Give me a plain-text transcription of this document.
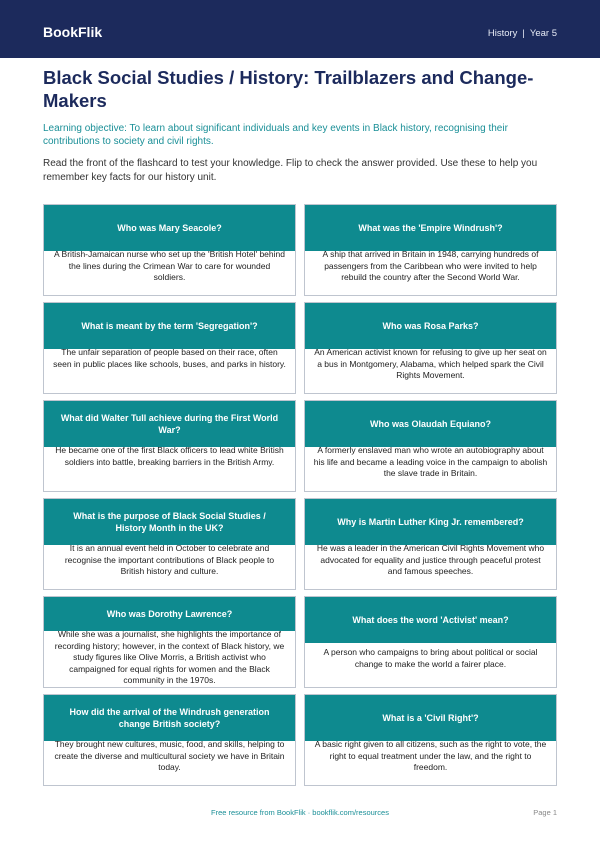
BookFlik	History | Year 5
Black Social Studies / History: Trailblazers and Change-Makers
Learning objective: To learn about significant individuals and key events in Black history, recognising their contributions to society and civil rights.
Read the front of the flashcard to test your knowledge. Flip to check the answer provided. Use these to help you remember key facts for our history unit.
Who was Mary Seacole?
A British-Jamaican nurse who set up the 'British Hotel' behind the lines during the Crimean War to care for wounded soldiers.
What was the 'Empire Windrush'?
A ship that arrived in Britain in 1948, carrying hundreds of passengers from the Caribbean who were invited to help rebuild the country after the Second World War.
What is meant by the term 'Segregation'?
The unfair separation of people based on their race, often seen in public places like schools, buses, and parks in history.
Who was Rosa Parks?
An American activist known for refusing to give up her seat on a bus in Montgomery, Alabama, which helped spark the Civil Rights Movement.
What did Walter Tull achieve during the First World War?
He became one of the first Black officers to lead white British soldiers into battle, breaking barriers in the British Army.
Who was Olaudah Equiano?
A formerly enslaved man who wrote an autobiography about his life and became a leading voice in the campaign to abolish the slave trade in Britain.
What is the purpose of Black Social Studies / History Month in the UK?
It is an annual event held in October to celebrate and recognise the important contributions of Black people to British history and culture.
Why is Martin Luther King Jr. remembered?
He was a leader in the American Civil Rights Movement who advocated for equality and justice through peaceful protest and famous speeches.
Who was Dorothy Lawrence?
While she was a journalist, she highlights the importance of recording history; however, in the context of Black history, we study figures like Olive Morris, a British activist who campaigned for equal rights for women and the Black community in the 1970s.
What does the word 'Activist' mean?
A person who campaigns to bring about political or social change to make the world a fairer place.
How did the arrival of the Windrush generation change British society?
They brought new cultures, music, food, and skills, helping to create the diverse and multicultural society we have in Britain today.
What is a 'Civil Right'?
A basic right given to all citizens, such as the right to vote, the right to equal treatment under the law, and the right to freedom.
Free resource from BookFlik · bookflik.com/resources	Page 1
